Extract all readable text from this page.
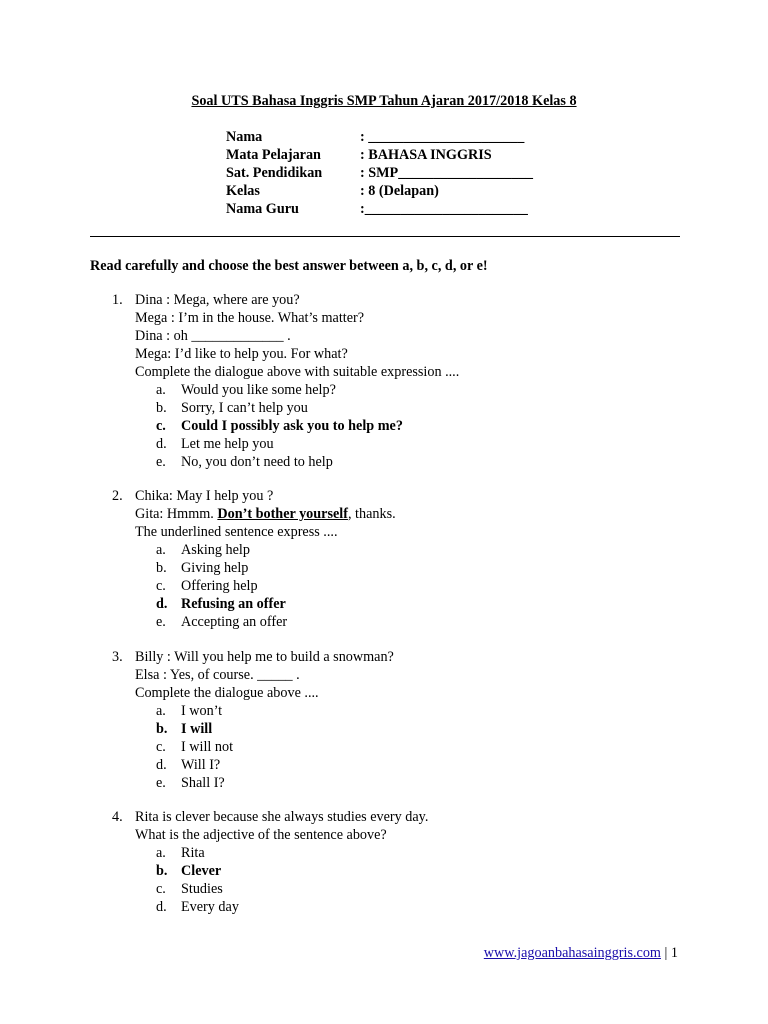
Soal UTS Bahasa Inggris SMP Tahun Ajaran 2017/2018 Kelas 8
Nama	: ______________________
Mata Pelajaran	: BAHASA INGGRIS
Sat. Pendidikan	: SMP___________________
Kelas	: 8 (Delapan)
Nama Guru	:_______________________
Read carefully and choose the best answer between a, b, c, d, or e!
1. Dina : Mega, where are you?
Mega : I’m in the house. What’s matter?
Dina : oh _____________ .
Mega: I’d like to help you. For what?
Complete the dialogue above with suitable expression ....
a. Would you like some help?
b. Sorry, I can’t help you
c. Could I possibly ask you to help me?
d. Let me help you
e. No, you don’t need to help
2. Chika: May I help you ?
Gita: Hmmm. Don’t bother yourself, thanks.
The underlined sentence express ....
a. Asking help
b. Giving help
c. Offering help
d. Refusing an offer
e. Accepting an offer
3. Billy : Will you help me to build a snowman?
Elsa : Yes, of course. _____ .
Complete the dialogue above ....
a. I won’t
b. I will
c. I will not
d. Will I?
e. Shall I?
4. Rita is clever because she always studies every day.
What is the adjective of the sentence above?
a. Rita
b. Clever
c. Studies
d. Every day
www.jagoanbahasainggris.com | 1
